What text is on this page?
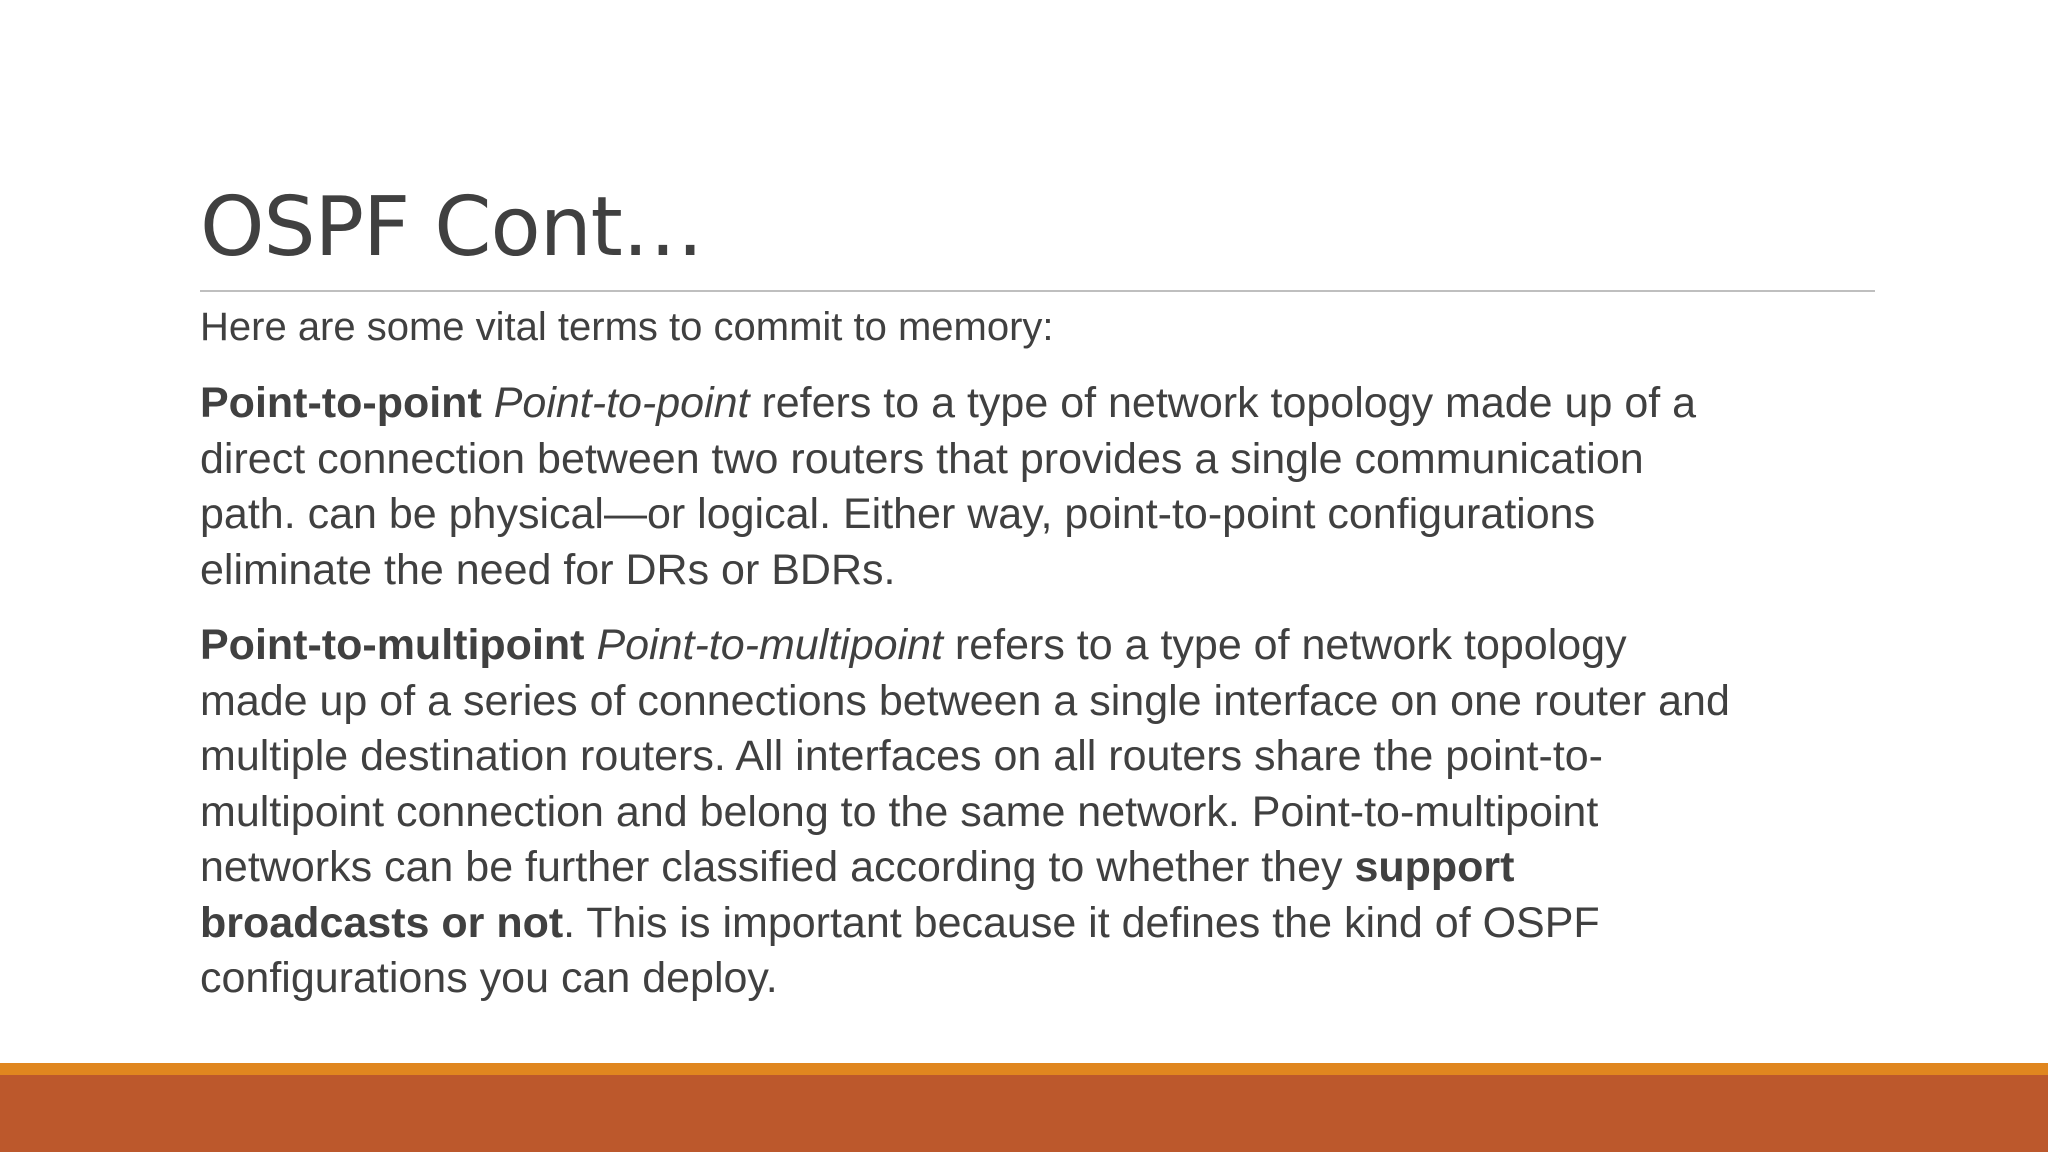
OSPF Cont…

Here are some vital terms to commit to memory:

Point-to-point Point-to-point refers to a type of network topology made up of a
direct connection between two routers that provides a single communication
path. can be physical—or logical. Either way, point-to-point configurations
eliminate the need for DRs or BDRs.

Point-to-multipoint Point-to-multipoint refers to a type of network topology
made up of a series of connections between a single interface on one router and
multiple destination routers. All interfaces on all routers share the point-to-
multipoint connection and belong to the same network. Point-to-multipoint
networks can be further classified according to whether they support
broadcasts or not. This is important because it defines the kind of OSPF
configurations you can deploy.
